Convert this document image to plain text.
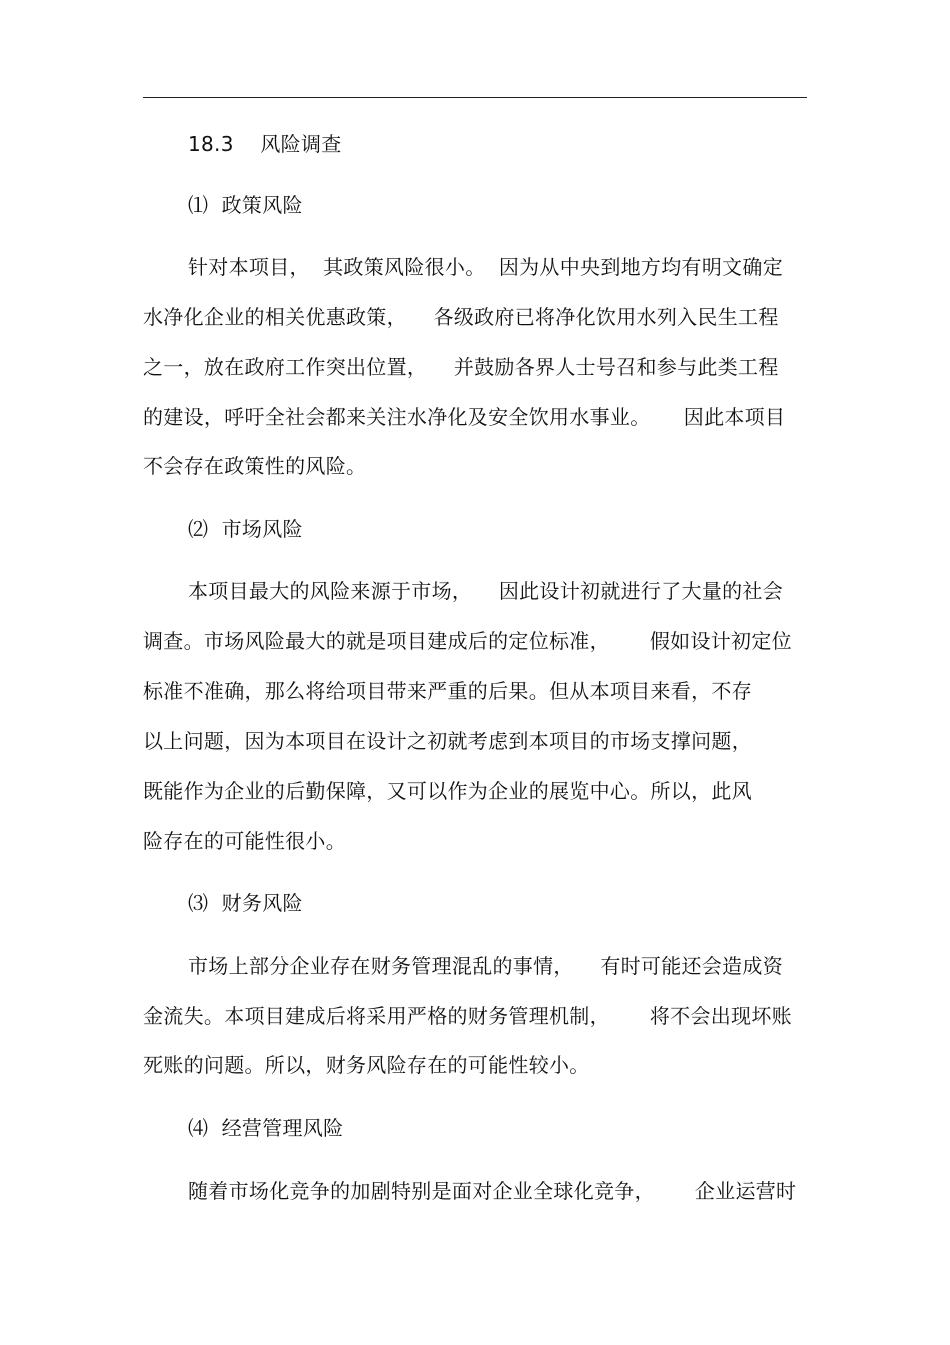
18.3    风险调查
⑴  政策风险
针对本项目，  其政策风险很小。  因为从中央到地方均有明文确定
水净化企业的相关优惠政策，    各级政府已将净化饮用水列入民生工程
之一，放在政府工作突出位置，    并鼓励各界人士号召和参与此类工程
的建设，呼吁全社会都来关注水净化及安全饮用水事业。     因此本项目
不会存在政策性的风险。
⑵  市场风险
本项目最大的风险来源于市场，    因此设计初就进行了大量的社会
调查。市场风险最大的就是项目建成后的定位标准，      假如设计初定位
标准不准确，那么将给项目带来严重的后果。但从本项目来看，不存
以上问题，因为本项目在设计之初就考虑到本项目的市场支撑问题，
既能作为企业的后勤保障，又可以作为企业的展览中心。所以，此风
险存在的可能性很小。
⑶  财务风险
市场上部分企业存在财务管理混乱的事情，    有时可能还会造成资
金流失。本项目建成后将采用严格的财务管理机制，      将不会出现坏账
死账的问题。所以，财务风险存在的可能性较小。
⑷  经营管理风险
随着市场化竞争的加剧特别是面对企业全球化竞争，      企业运营时
